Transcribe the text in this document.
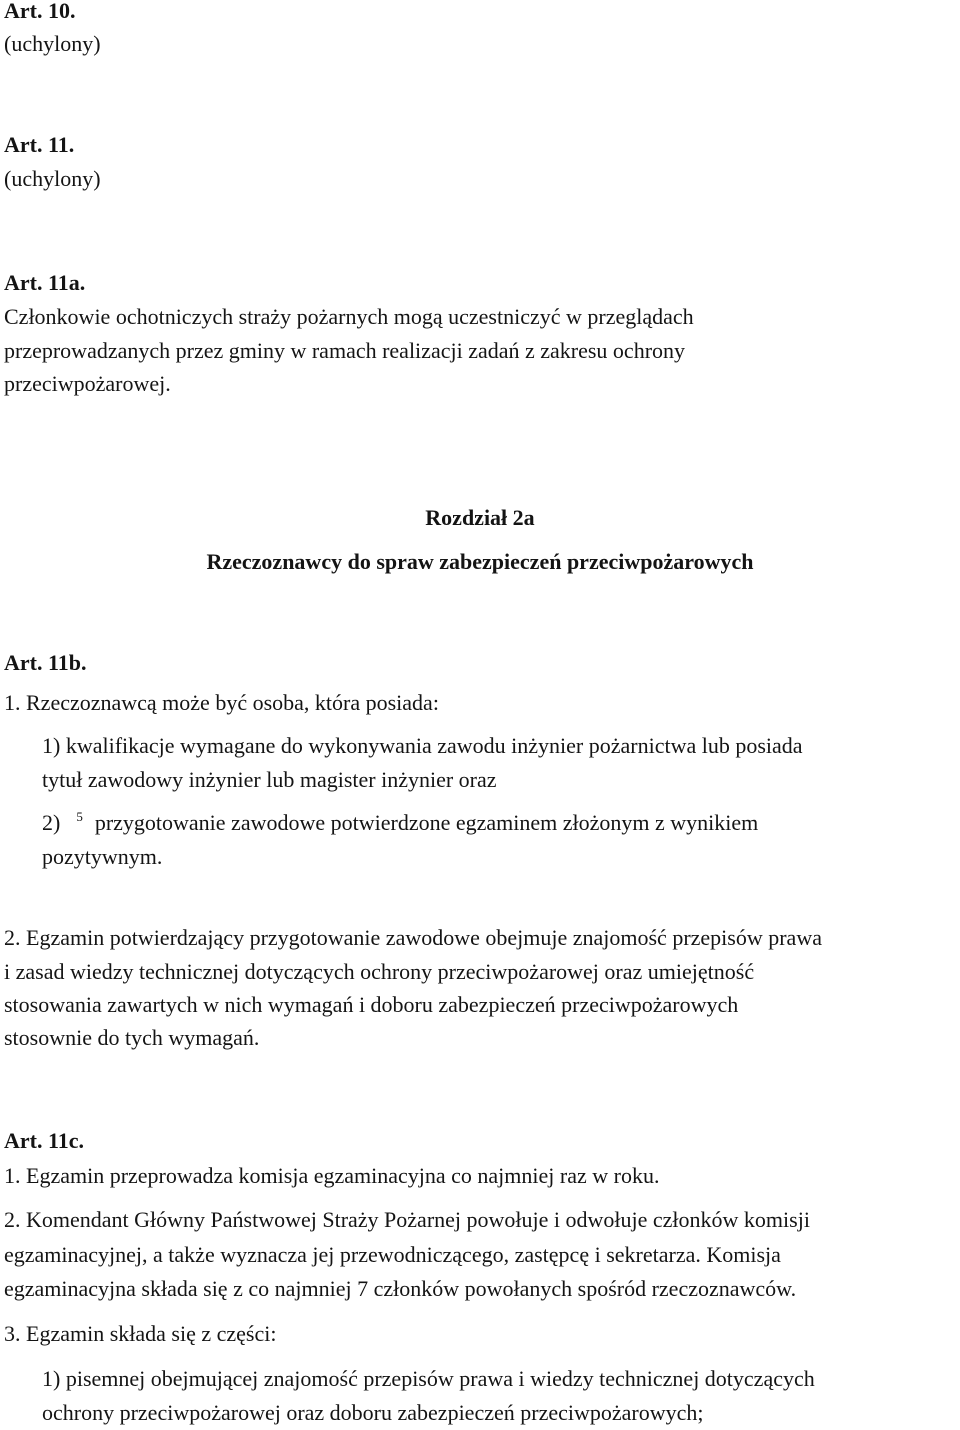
Art. 10.
(uchylony)
Art. 11.
(uchylony)
Art. 11a.
Członkowie ochotniczych straży pożarnych mogą uczestniczyć w przeglądach
przeprowadzanych przez gminy w ramach realizacji zadań z zakresu ochrony
przeciwpożarowej.
Rozdział 2a
Rzeczoznawcy do spraw zabezpieczeń przeciwpożarowych
Art. 11b.
1. Rzeczoznawcą może być osoba, która posiada:
1) kwalifikacje wymagane do wykonywania zawodu inżynier pożarnictwa lub posiada
tytuł zawodowy inżynier lub magister inżynier oraz
2) $^5$ przygotowanie zawodowe potwierdzone egzaminem złożonym z wynikiem
pozytywnym.
2. Egzamin potwierdzający przygotowanie zawodowe obejmuje znajomość przepisów prawa
i zasad wiedzy technicznej dotyczących ochrony przeciwpożarowej oraz umiejętność
stosowania zawartych w nich wymagań i doboru zabezpieczeń przeciwpożarowych
stosownie do tych wymagań.
Art. 11c.
1. Egzamin przeprowadza komisja egzaminacyjna co najmniej raz w roku.
2. Komendant Główny Państwowej Straży Pożarnej powołuje i odwołuje członków komisji
egzaminacyjnej, a także wyznacza jej przewodniczącego, zastępcę i sekretarza. Komisja
egzaminacyjna składa się z co najmniej 7 członków powołanych spośród rzeczoznawców.
3. Egzamin składa się z części:
1) pisemnej obejmującej znajomość przepisów prawa i wiedzy technicznej dotyczących
ochrony przeciwpożarowej oraz doboru zabezpieczeń przeciwpożarowych;
